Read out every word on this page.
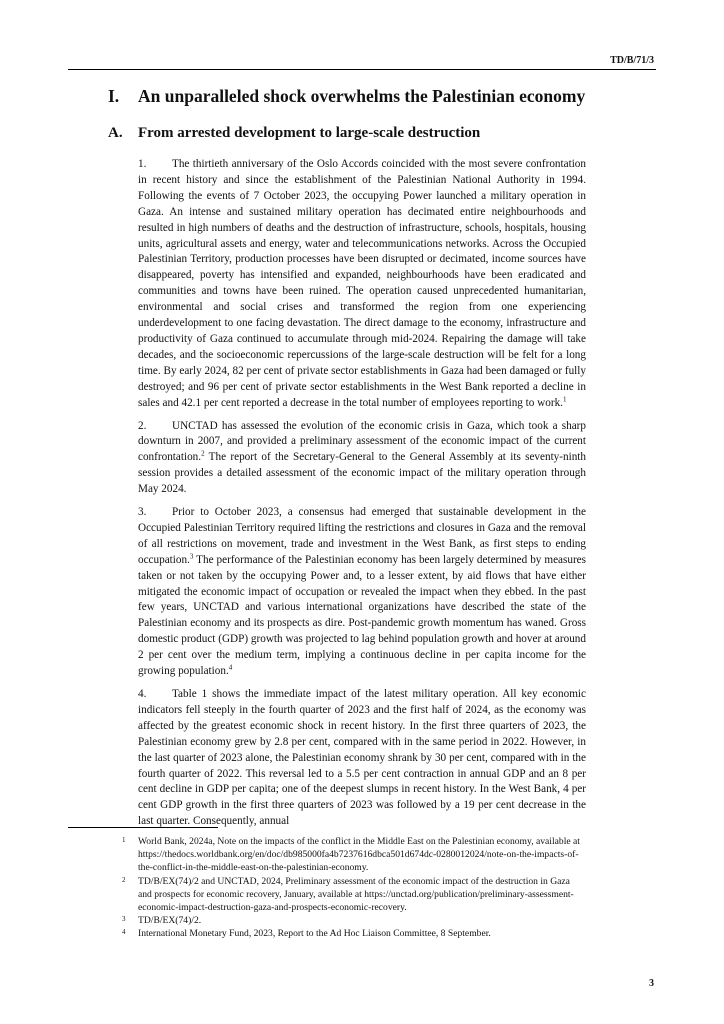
TD/B/71/3
I. An unparalleled shock overwhelms the Palestinian economy
A. From arrested development to large-scale destruction

1. The thirtieth anniversary of the Oslo Accords coincided with the most severe confrontation in recent history and since the establishment of the Palestinian National Authority in 1994. Following the events of 7 October 2023, the occupying Power launched a military operation in Gaza. An intense and sustained military operation has decimated entire neighbourhoods and resulted in high numbers of deaths and the destruction of infrastructure, schools, hospitals, housing units, agricultural assets and energy, water and telecommunications networks. Across the Occupied Palestinian Territory, production processes have been disrupted or decimated, income sources have disappeared, poverty has intensified and expanded, neighbourhoods have been eradicated and communities and towns have been ruined. The operation caused unprecedented humanitarian, environmental and social crises and transformed the region from one experiencing underdevelopment to one facing devastation. The direct damage to the economy, infrastructure and productivity of Gaza continued to accumulate through mid-2024. Repairing the damage will take decades, and the socioeconomic repercussions of the large-scale destruction will be felt for a long time. By early 2024, 82 per cent of private sector establishments in Gaza had been damaged or fully destroyed; and 96 per cent of private sector establishments in the West Bank reported a decline in sales and 42.1 per cent reported a decrease in the total number of employees reporting to work.$^1$

2. UNCTAD has assessed the evolution of the economic crisis in Gaza, which took a sharp downturn in 2007, and provided a preliminary assessment of the economic impact of the current confrontation.$^2$ The report of the Secretary-General to the General Assembly at its seventy-ninth session provides a detailed assessment of the economic impact of the military operation through May 2024.

3. Prior to October 2023, a consensus had emerged that sustainable development in the Occupied Palestinian Territory required lifting the restrictions and closures in Gaza and the removal of all restrictions on movement, trade and investment in the West Bank, as first steps to ending occupation.$^3$ The performance of the Palestinian economy has been largely determined by measures taken or not taken by the occupying Power and, to a lesser extent, by aid flows that have either mitigated the economic impact of occupation or revealed the impact when they ebbed. In the past few years, UNCTAD and various international organizations have described the state of the Palestinian economy and its prospects as dire. Post-pandemic growth momentum has waned. Gross domestic product (GDP) growth was projected to lag behind population growth and hover at around 2 per cent over the medium term, implying a continuous decline in per capita income for the growing population.$^4$

4. Table 1 shows the immediate impact of the latest military operation. All key economic indicators fell steeply in the fourth quarter of 2023 and the first half of 2024, as the economy was affected by the greatest economic shock in recent history. In the first three quarters of 2023, the Palestinian economy grew by 2.8 per cent, compared with in the same period in 2022. However, in the last quarter of 2023 alone, the Palestinian economy shrank by 30 per cent, compared with in the fourth quarter of 2022. This reversal led to a 5.5 per cent contraction in annual GDP and an 8 per cent decline in GDP per capita; one of the deepest slumps in recent history. In the West Bank, 4 per cent GDP growth in the first three quarters of 2023 was followed by a 19 per cent decrease in the last quarter. Consequently, annual

1	World Bank, 2024a, Note on the impacts of the conflict in the Middle East on the Palestinian economy, available at https://thedocs.worldbank.org/en/doc/db985000fa4b7237616dbca501d674dc-0280012024/note-on-the-impacts-of-the-conflict-in-the-middle-east-on-the-palestinian-economy.
2	TD/B/EX(74)/2 and UNCTAD, 2024, Preliminary assessment of the economic impact of the destruction in Gaza and prospects for economic recovery, January, available at https://unctad.org/publication/preliminary-assessment-economic-impact-destruction-gaza-and-prospects-economic-recovery.
3	TD/B/EX(74)/2.
4	International Monetary Fund, 2023, Report to the Ad Hoc Liaison Committee, 8 September.
3
